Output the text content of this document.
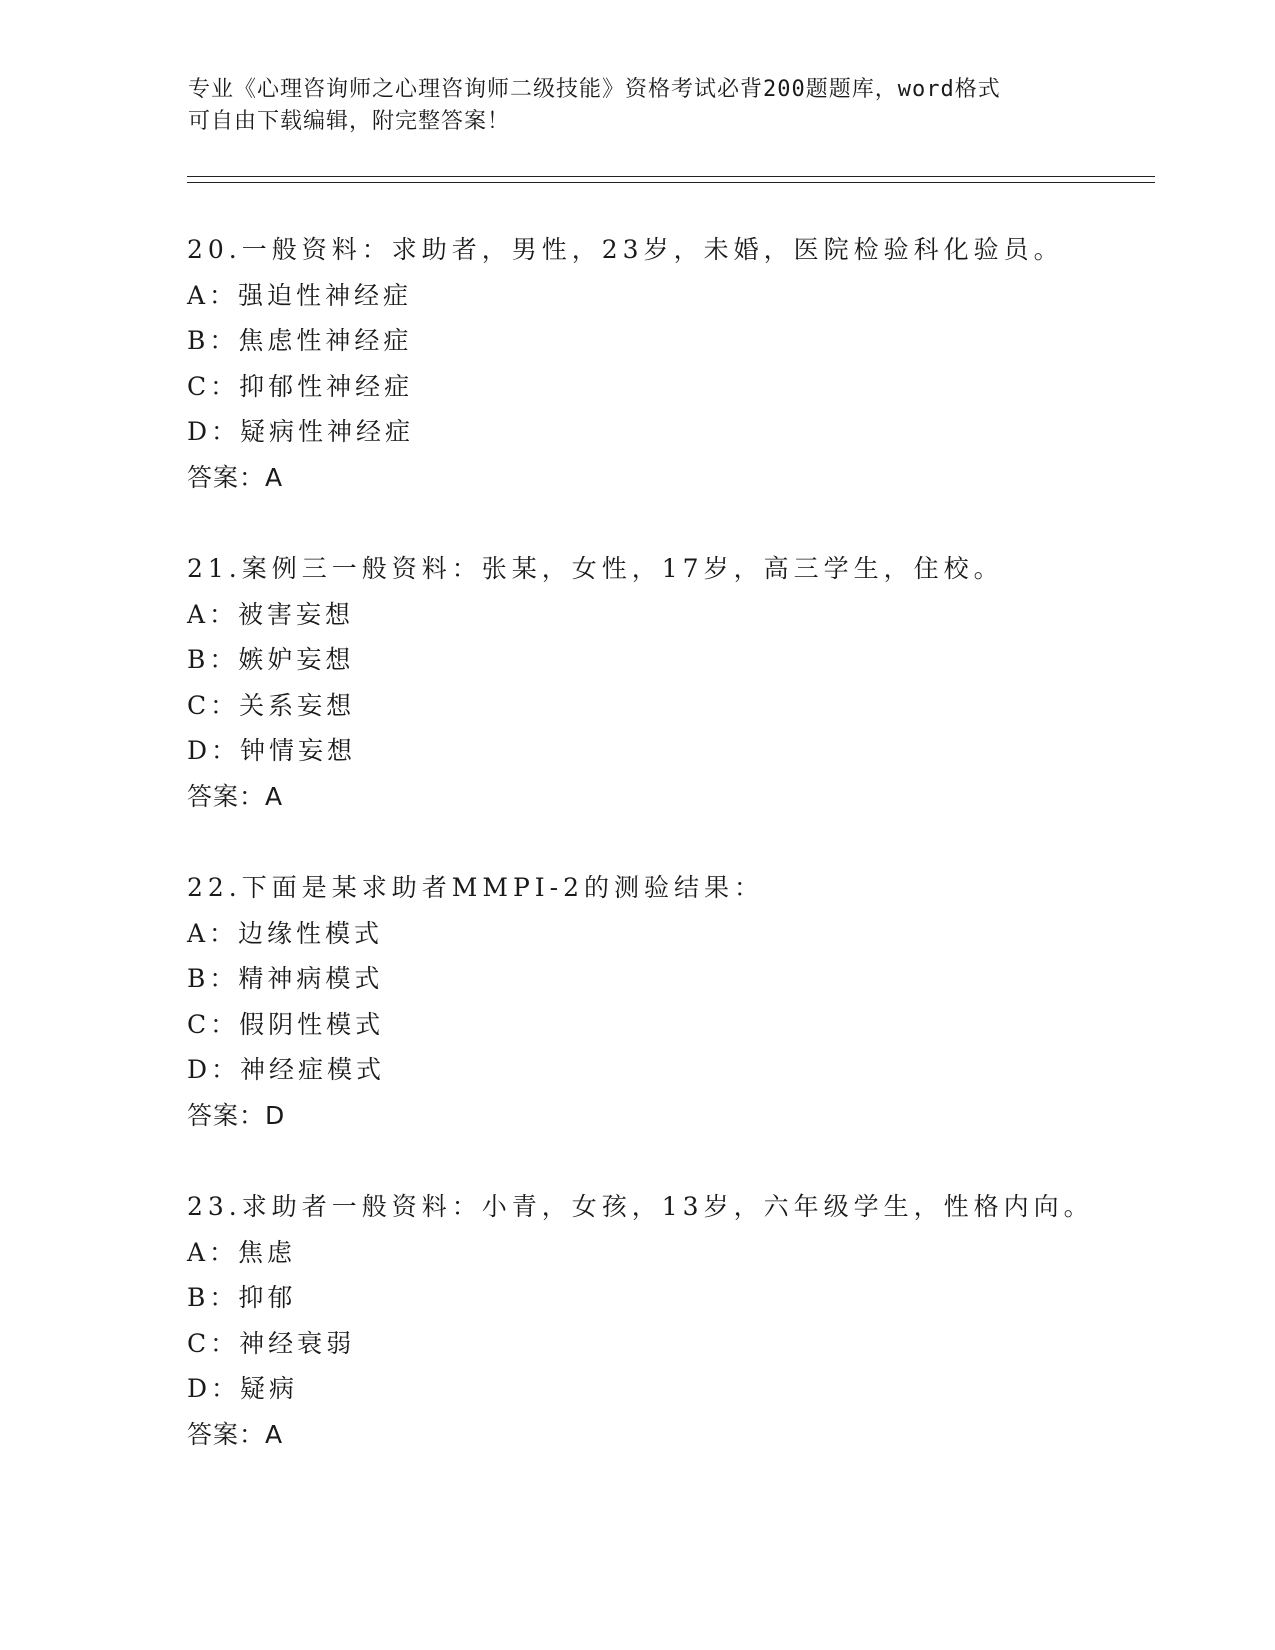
专业《心理咨询师之心理咨询师二级技能》资格考试必背200题题库，word格式
可自由下载编辑，附完整答案！
20.一般资料：求助者，男性，23岁，未婚，医院检验科化验员。
A：强迫性神经症
B：焦虑性神经症
C：抑郁性神经症
D：疑病性神经症
答案：A
21.案例三一般资料：张某，女性，17岁，高三学生，住校。
A：被害妄想
B：嫉妒妄想
C：关系妄想
D：钟情妄想
答案：A
22.下面是某求助者MMPI-2的测验结果：
A：边缘性模式
B：精神病模式
C：假阴性模式
D：神经症模式
答案：D
23.求助者一般资料：小青，女孩，13岁，六年级学生，性格内向。
A：焦虑
B：抑郁
C：神经衰弱
D：疑病
答案：A
